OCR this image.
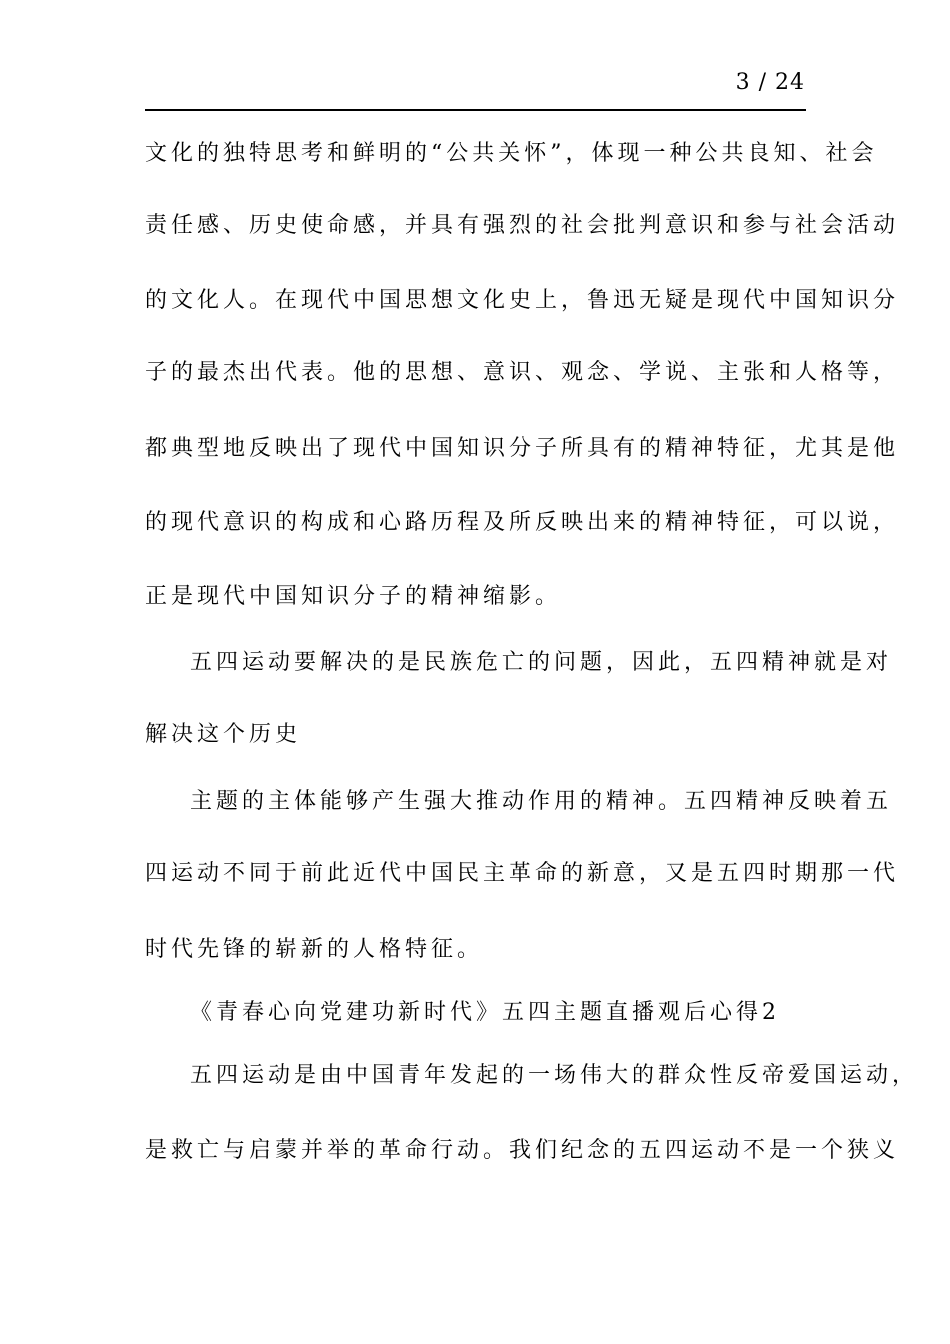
3 / 24
文化的独特思考和鲜明的“公共关怀”，体现一种公共良知、社会
责任感、历史使命感，并具有强烈的社会批判意识和参与社会活动
的文化人。在现代中国思想文化史上，鲁迅无疑是现代中国知识分
子的最杰出代表。他的思想、意识、观念、学说、主张和人格等，
都典型地反映出了现代中国知识分子所具有的精神特征，尤其是他
的现代意识的构成和心路历程及所反映出来的精神特征，可以说，
正是现代中国知识分子的精神缩影。
五四运动要解决的是民族危亡的问题，因此，五四精神就是对
解决这个历史
主题的主体能够产生强大推动作用的精神。五四精神反映着五
四运动不同于前此近代中国民主革命的新意，又是五四时期那一代
时代先锋的崭新的人格特征。
《青春心向党建功新时代》五四主题直播观后心得2
五四运动是由中国青年发起的一场伟大的群众性反帝爱国运动，
是救亡与启蒙并举的革命行动。我们纪念的五四运动不是一个狭义
